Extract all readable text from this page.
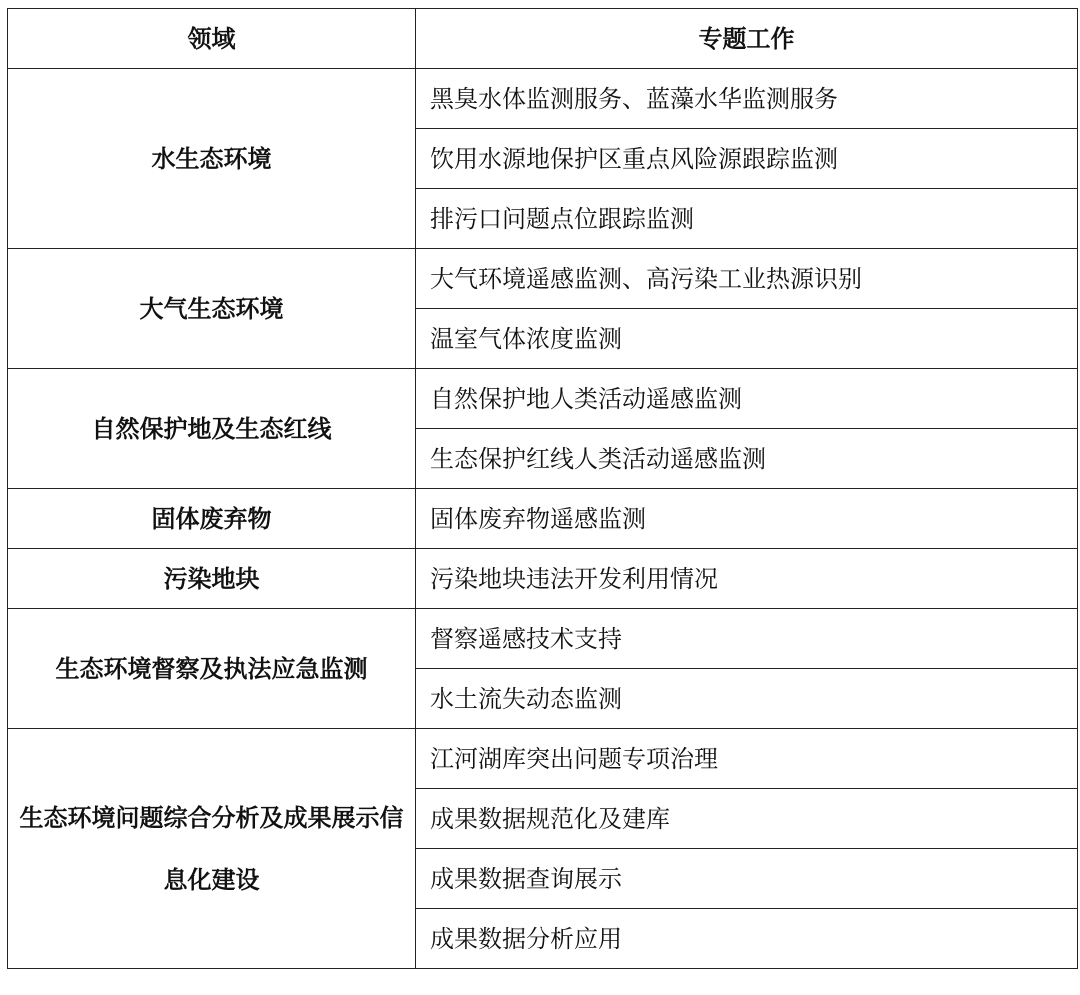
领域	专题工作
水生态环境	黑臭水体监测服务、蓝藻水华监测服务
	饮用水源地保护区重点风险源跟踪监测
	排污口问题点位跟踪监测
大气生态环境	大气环境遥感监测、高污染工业热源识别
	温室气体浓度监测
自然保护地及生态红线	自然保护地人类活动遥感监测
	生态保护红线人类活动遥感监测
固体废弃物	固体废弃物遥感监测
污染地块	污染地块违法开发利用情况
生态环境督察及执法应急监测	督察遥感技术支持
	水土流失动态监测
生态环境问题综合分析及成果展示信息化建设	江河湖库突出问题专项治理
	成果数据规范化及建库
	成果数据查询展示
	成果数据分析应用
